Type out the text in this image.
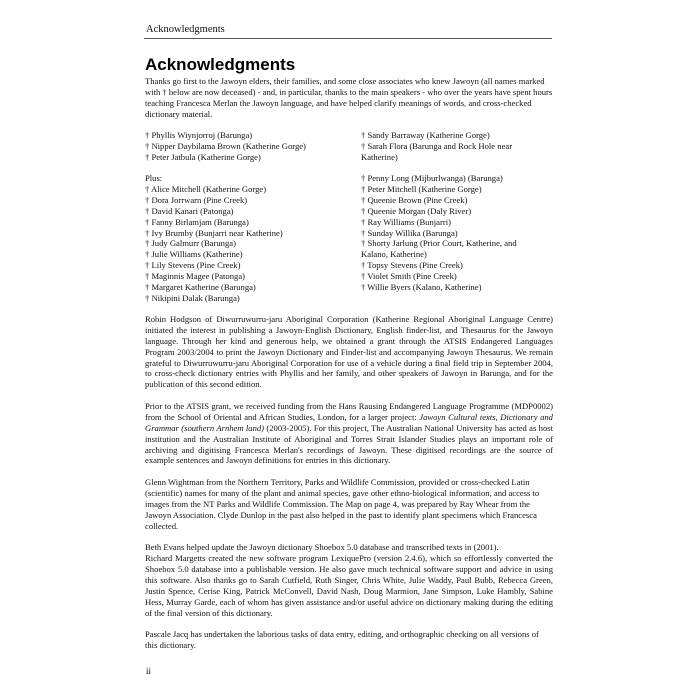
Acknowledgments
Acknowledgments

Thanks go first to the Jawoyn elders, their families, and some close associates who knew Jawoyn (all names marked with † below are now deceased) - and, in particular, thanks to the main speakers - who over the years have spent hours teaching Francesca Merlan the Jawoyn language, and have helped clarify meanings of words, and cross-checked dictionary material.

† Phyllis Wiynjorroj (Barunga)
† Nipper Daybilama Brown (Katherine Gorge)
† Peter Jatbula (Katherine Gorge)
† Sandy Barraway (Katherine Gorge)
† Sarah Flora (Barunga and Rock Hole near
Katherine)
Plus:
† Alice Mitchell (Katherine Gorge)
† Dora Jorrwarn (Pine Creek)
† David Kanari (Patonga)
† Fanny Birlamjam (Barunga)
† Ivy Brumby (Bunjarri near Katherine)
† Judy Galmurr (Barunga)
† Julie Williams (Katherine)
† Lily Stevens (Pine Creek)
† Maginnis Magee (Patonga)
† Margaret Katherine (Barunga)
† Nikipini Dalak (Barunga)
† Penny Long (Mijburlwanga) (Barunga)
† Peter Mitchell (Katherine Gorge)
† Queenie Brown (Pine Creek)
† Queenie Morgan (Daly River)
† Ray Williams (Bunjarri)
† Sunday Willika (Barunga)
† Shorty Jarlung (Prior Court, Katherine, and
Kalano, Katherine)
† Topsy Stevens (Pine Creek)
† Violet Smith (Pine Creek)
† Willie Byers (Kalano, Katherine)

Robin Hodgson of Diwurruwurru-jaru Aboriginal Corporation (Katherine Regional Aboriginal Language Centre) initiated the interest in publishing a Jawoyn-English Dictionary, English finder-list, and Thesaurus for the Jawoyn language. Through her kind and generous help, we obtained a grant through the ATSIS Endangered Languages Program 2003/2004 to print the Jawoyn Dictionary and Finder-list and accompanying Jawoyn Thesaurus. We remain grateful to Diwurruwurru-jaru Aboriginal Corporation for use of a vehicle during a final field trip in September 2004, to cross-check dictionary entries with Phyllis and her family, and other speakers of Jawoyn in Barunga, and for the publication of this second edition.

Prior to the ATSIS grant, we received funding from the Hans Rausing Endangered Language Programme (MDP0002) from the School of Oriental and African Studies, London, for a larger project: Jawoyn Cultural texts, Dictionary and Grammar (southern Arnhem land) (2003-2005). For this project, The Australian National University has acted as host institution and the Australian Institute of Aboriginal and Torres Strait Islander Studies plays an important role of archiving and digitising Francesca Merlan's recordings of Jawoyn. These digitised recordings are the source of example sentences and Jawoyn definitions for entries in this dictionary.

Glenn Wightman from the Northern Territory, Parks and Wildlife Commission, provided or cross-checked Latin (scientific) names for many of the plant and animal species, gave other ethno-biological information, and access to images from the NT Parks and Wildlife Commission. The Map on page 4, was prepared by Ray Whear from the Jawoyn Association. Clyde Dunlop in the past also helped in the past to identify plant specimens which Francesca collected.

Beth Evans helped update the Jawoyn dictionary Shoebox 5.0 database and transcribed texts in (2001).

Richard Margetts created the new software program LexiquePro (version 2.4.6), which so effortlessly converted the Shoebox 5.0 database into a publishable version. He also gave much technical software support and advice in using this software. Also thanks go to Sarah Cutfield, Ruth Singer, Chris White, Julie Waddy, Paul Bubb, Rebecca Green, Justin Spence, Cerise King, Patrick McConvell, David Nash, Doug Marmion, Jane Simpson, Luke Hambly, Sabine Hess, Murray Garde, each of whom has given assistance and/or useful advice on dictionary making during the editing of the final version of this dictionary.

Pascale Jacq has undertaken the laborious tasks of data entry, editing, and orthographic checking on all versions of this dictionary.

ii
